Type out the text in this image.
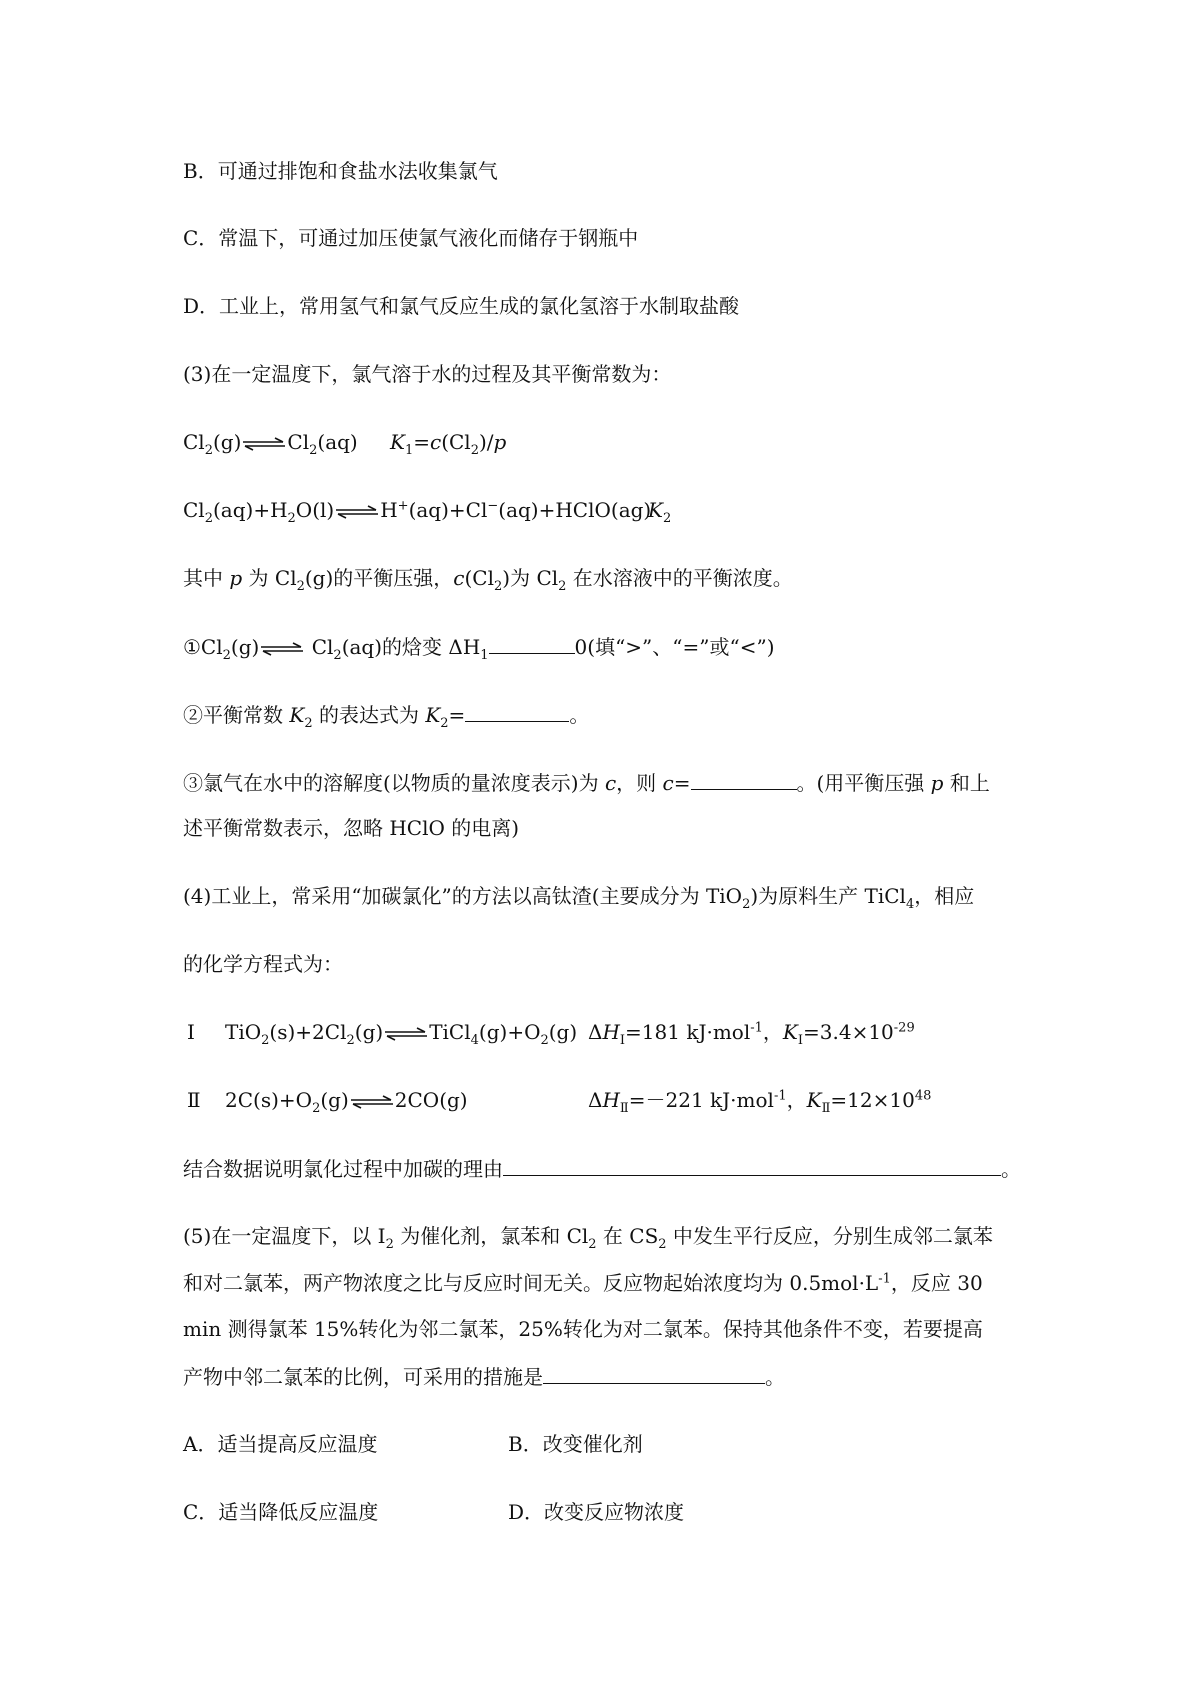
B．可通过排饱和食盐水法收集氯气
C．常温下，可通过加压使氯气液化而储存于钢瓶中
D．工业上，常用氢气和氯气反应生成的氯化氢溶于水制取盐酸
(3)在一定温度下，氯气溶于水的过程及其平衡常数为：
$Cl_2(g)$ ⇌ $Cl_2(aq)$ $K_1=c(Cl_2)/p$
$Cl_2(aq)+H_2O(l)$ ⇌ H+(aq)+Cl−(aq)+HClO(ag)
$K_2$
其中 p 为 $Cl_2(g)$的平衡压强，$c(Cl_2)$为 $Cl_2$ 在水溶液中的平衡浓度。
$①Cl_2(g)$ ⇌ $Cl_2(aq)$的焓变 $\Delta H_1$	0(填“>”、“=”或“<”)
②平衡常数 $K_2$ 的表达式为 $K_2=$	。
③氯气在水中的溶解度(以物质的量浓度表示)为 c，则 c=	。(用平衡压强 p 和上
述平衡常数表示，忽略 HClO 的电离)
(4)工业上，常采用“加碳氯化”的方法以高钛渣(主要成分为 TiO$_2$)为原料生产 TiCl$_4$，相应
的化学方程式为：
Ⅰ $TiO_2(s)+2Cl_2(g)$ ⇌ $TiCl_4(g)+O_2(g)$ $\Delta H_Ⅰ=181$ kJ·mol$^{-1}$，$K_Ⅰ=3.4\times 10^{-29}$
Ⅱ $2C(s)+O_2(g)$ ⇌ 2CO(g)	$\Delta H_Ⅱ=-221$ kJ·mol$^{-1}$，$K_Ⅱ=12\times 10^{48}$
结合数据说明氯化过程中加碳的理由	。
(5)在一定温度下，以 $I_2$ 为催化剂，氯苯和 $Cl_2$ 在 $CS_2$ 中发生平行反应，分别生成邻二氯苯
和对二氯苯，两产物浓度之比与反应时间无关。反应物起始浓度均为 $0.5mol\cdot L^{-1}$，反应 30
min 测得氯苯 15%转化为邻二氯苯，25%转化为对二氯苯。保持其他条件不变，若要提高
产物中邻二氯苯的比例，可采用的措施是	。
A．适当提高反应温度	B．改变催化剂
C．适当降低反应温度	D．改变反应物浓度
